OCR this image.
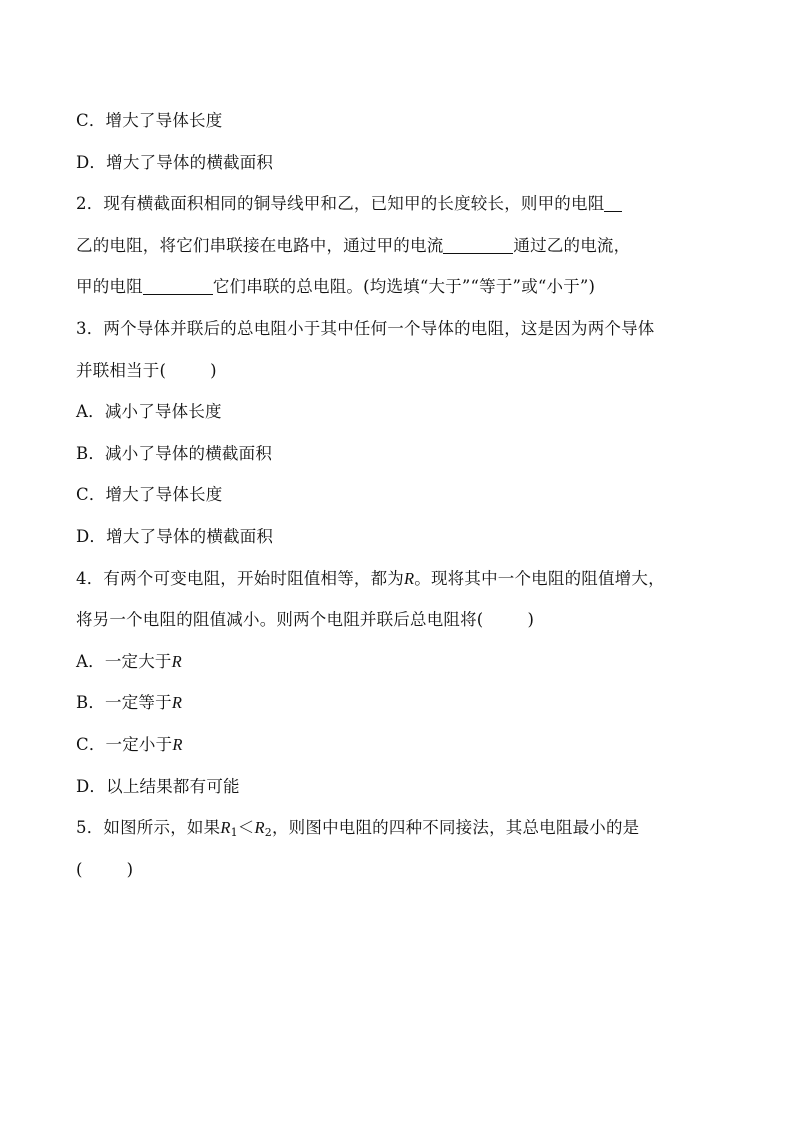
C．增大了导体长度
D．增大了导体的横截面积
2．现有横截面积相同的铜导线甲和乙，已知甲的长度较长，则甲的电阻
乙的电阻，将它们串联接在电路中，通过甲的电流	通过乙的电流，
甲的电阻	它们串联的总电阻。(均选填“大于”“等于”或“小于”)
3．两个导体并联后的总电阻小于其中任何一个导体的电阻，这是因为两个导体
并联相当于(	)
A．减小了导体长度
B．减小了导体的横截面积
C．增大了导体长度
D．增大了导体的横截面积
4．有两个可变电阻，开始时阻值相等，都为R。现将其中一个电阻的阻值增大，
将另一个电阻的阻值减小。则两个电阻并联后总电阻将(	)
A．一定大于R
B．一定等于R
C．一定小于R
D．以上结果都有可能
5．如图所示，如果$R_1<R_2$，则图中电阻的四种不同接法，其总电阻最小的是
(	)
